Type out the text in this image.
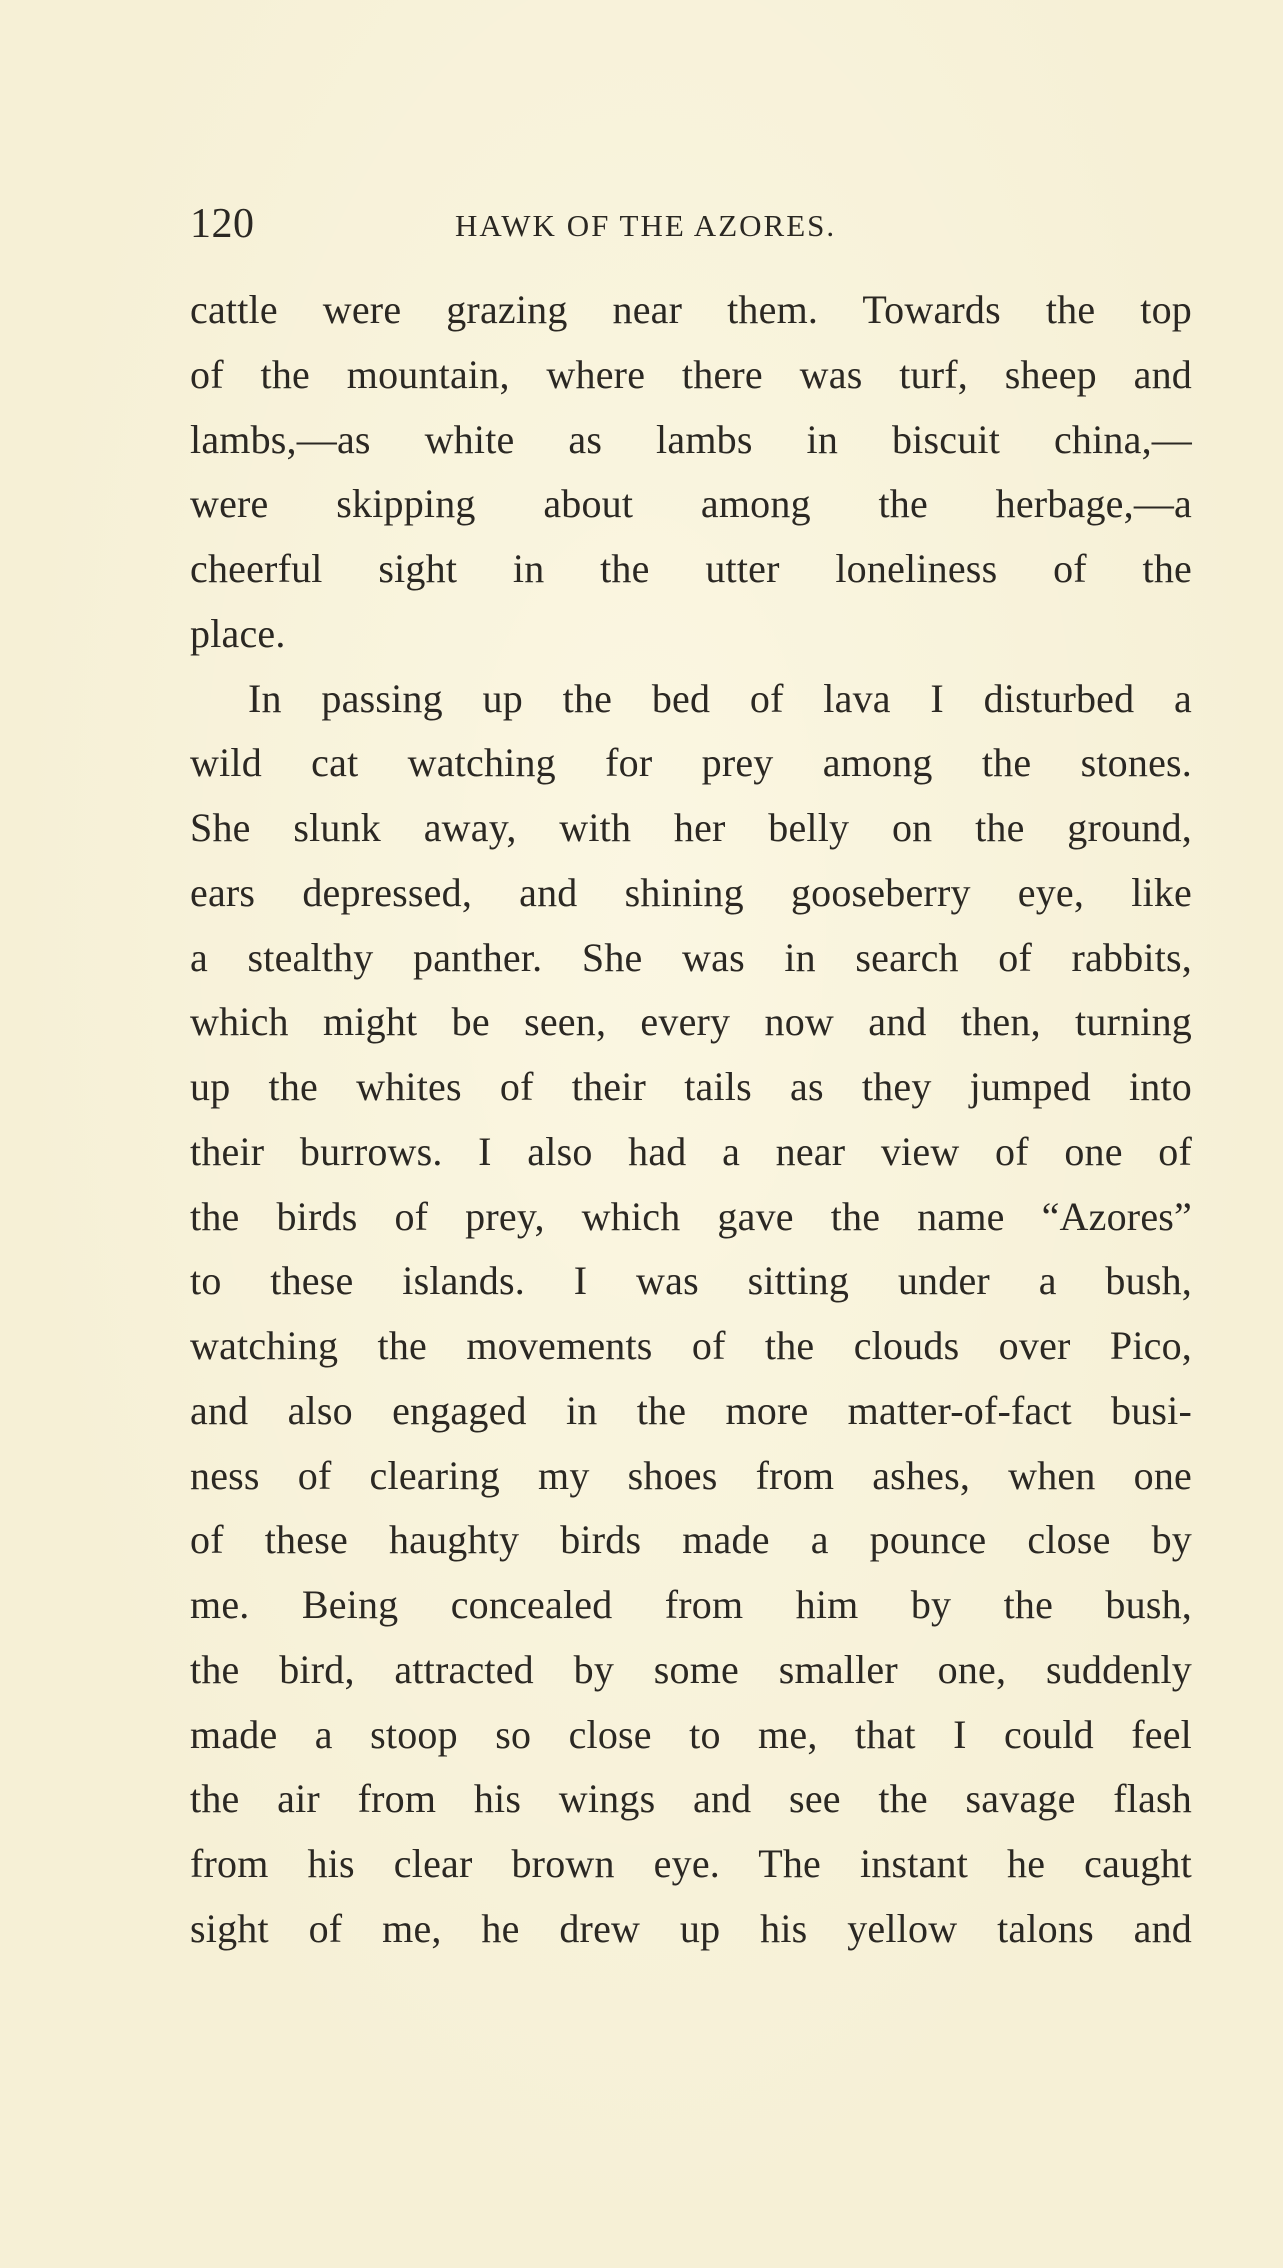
120	HAWK OF THE AZORES.
cattle were grazing near them. Towards the top
of the mountain, where there was turf, sheep and
lambs,—as white as lambs in biscuit china,—
were skipping about among the herbage,—a
cheerful sight in the utter loneliness of the
place.
In passing up the bed of lava I disturbed a
wild cat watching for prey among the stones.
She slunk away, with her belly on the ground,
ears depressed, and shining gooseberry eye, like
a stealthy panther. She was in search of rabbits,
which might be seen, every now and then, turning
up the whites of their tails as they jumped into
their burrows. I also had a near view of one of
the birds of prey, which gave the name “Azores”
to these islands. I was sitting under a bush,
watching the movements of the clouds over Pico,
and also engaged in the more matter-of-fact busi-
ness of clearing my shoes from ashes, when one
of these haughty birds made a pounce close by
me. Being concealed from him by the bush,
the bird, attracted by some smaller one, suddenly
made a stoop so close to me, that I could feel
the air from his wings and see the savage flash
from his clear brown eye. The instant he caught
sight of me, he drew up his yellow talons and
